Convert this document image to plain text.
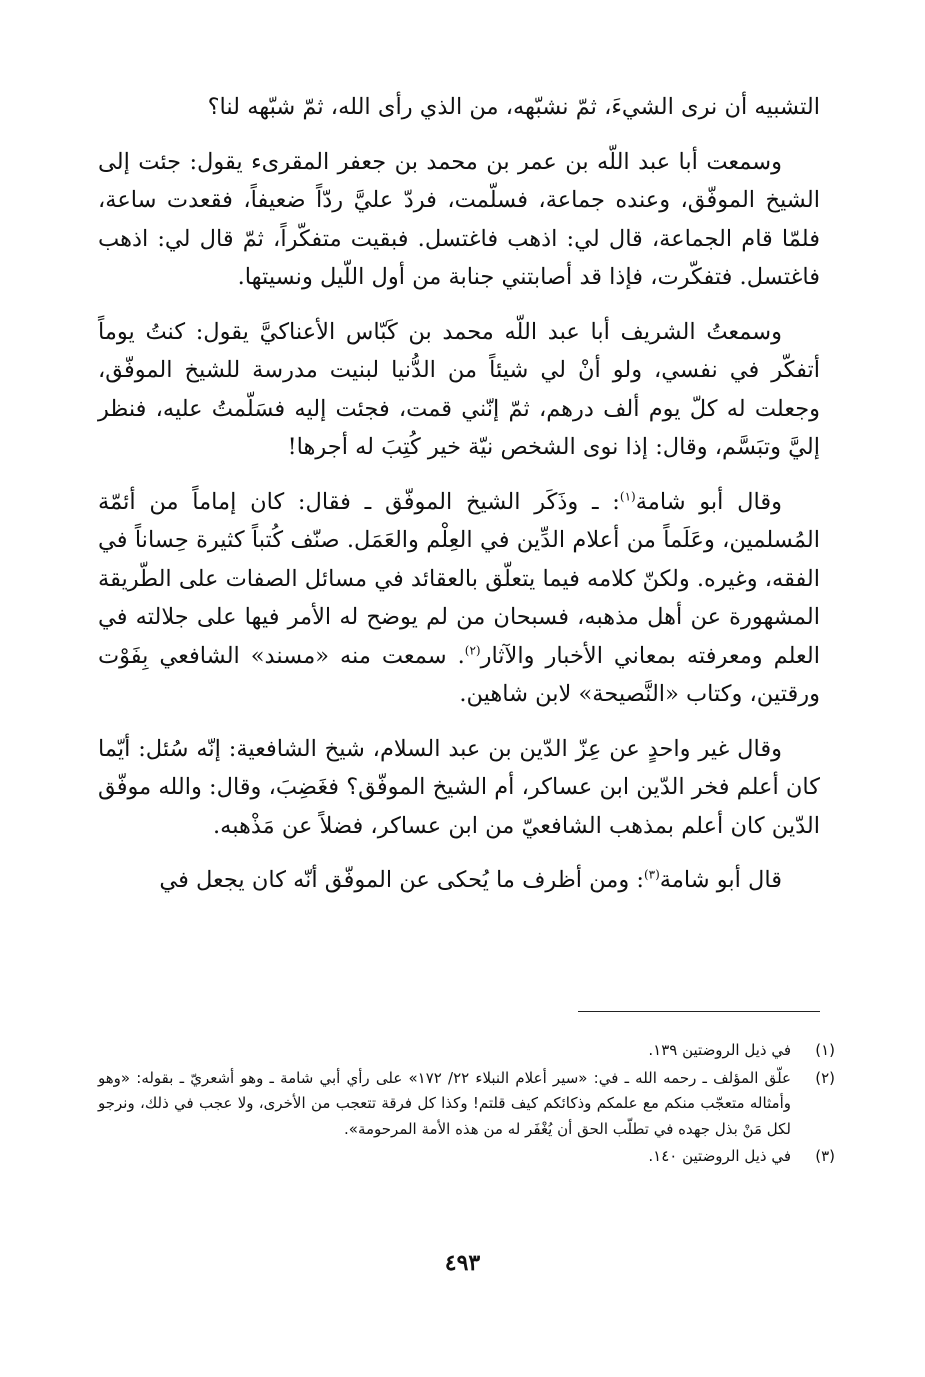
التشبيه أن نرى الشيءَ، ثمّ نشبّهه، من الذي رأى الله، ثمّ شبّهه لنا؟

وسمعت أبا عبد اللّه بن عمر بن محمد بن جعفر المقرىء يقول: جئت إلى الشيخ الموفّق، وعنده جماعة، فسلّمت، فردّ عليَّ ردّاً ضعيفاً، فقعدت ساعة، فلمّا قام الجماعة، قال لي: اذهب فاغتسل. فبقيت متفكّراً، ثمّ قال لي: اذهب فاغتسل. فتفكّرت، فإذا قد أصابتني جنابة من أول اللّيل ونسيتها.

وسمعتُ الشريف أبا عبد اللّه محمد بن كَبّاس الأعناكيَّ يقول: كنتُ يوماً أتفكّر في نفسي، ولو أنْ لي شيئاً من الدُّنيا لبنيت مدرسة للشيخ الموفّق، وجعلت له كلّ يوم ألف درهم، ثمّ إنّني قمت، فجئت إليه فسَلّمتُ عليه، فنظر إليَّ وتبَسَّم، وقال: إذا نوى الشخص نيّة خير كُتِبَ له أجرها!

وقال أبو شامة$^{(١)}$: ـ وذَكَر الشيخ الموفّق ـ فقال: كان إماماً من أئمّة المُسلمين، وعَلَماً من أعلام الدِّين في العِلْم والعَمَل. صنّف كُتباً كثيرة حِساناً في الفقه، وغيره. ولكنّ كلامه فيما يتعلّق بالعقائد في مسائل الصفات على الطّريقة المشهورة عن أهل مذهبه، فسبحان من لم يوضح له الأمر فيها على جلالته في العلم ومعرفته بمعاني الأخبار والآثار$^{(٢)}$. سمعت منه «مسند» الشافعي بِفَوْت ورقتين، وكتاب «النَّصيحة» لابن شاهين.

وقال غير واحدٍ عن عِزّ الدّين بن عبد السلام، شيخ الشافعية: إنّه سُئل: أيّما كان أعلم فخر الدّين ابن عساكر، أم الشيخ الموفّق؟ فغَضِبَ، وقال: والله موفّق الدّين كان أعلم بمذهب الشافعيّ من ابن عساكر، فضلاً عن مَذْهبه.

قال أبو شامة$^{(٣)}$: ومن أظرف ما يُحكى عن الموفّق أنّه كان يجعل في

(١)
في ذيل الروضتين ١٣٩.
(٢)
علّق المؤلف ـ رحمه الله ـ في: «سير أعلام النبلاء ٢٢/ ١٧٢» على رأي أبي شامة ـ وهو أشعريّ ـ بقوله: «وهو وأمثاله متعجّب منكم مع علمكم وذكائكم كيف قلتم! وكذا كل فرقة تتعجب من الأخرى، ولا عجب في ذلك، ونرجو لكل مَنْ بذل جهده في تطلّب الحق أن يُغْفَر له من هذه الأمة المرحومة».
(٣)
في ذيل الروضتين ١٤٠.
٤٩٣
